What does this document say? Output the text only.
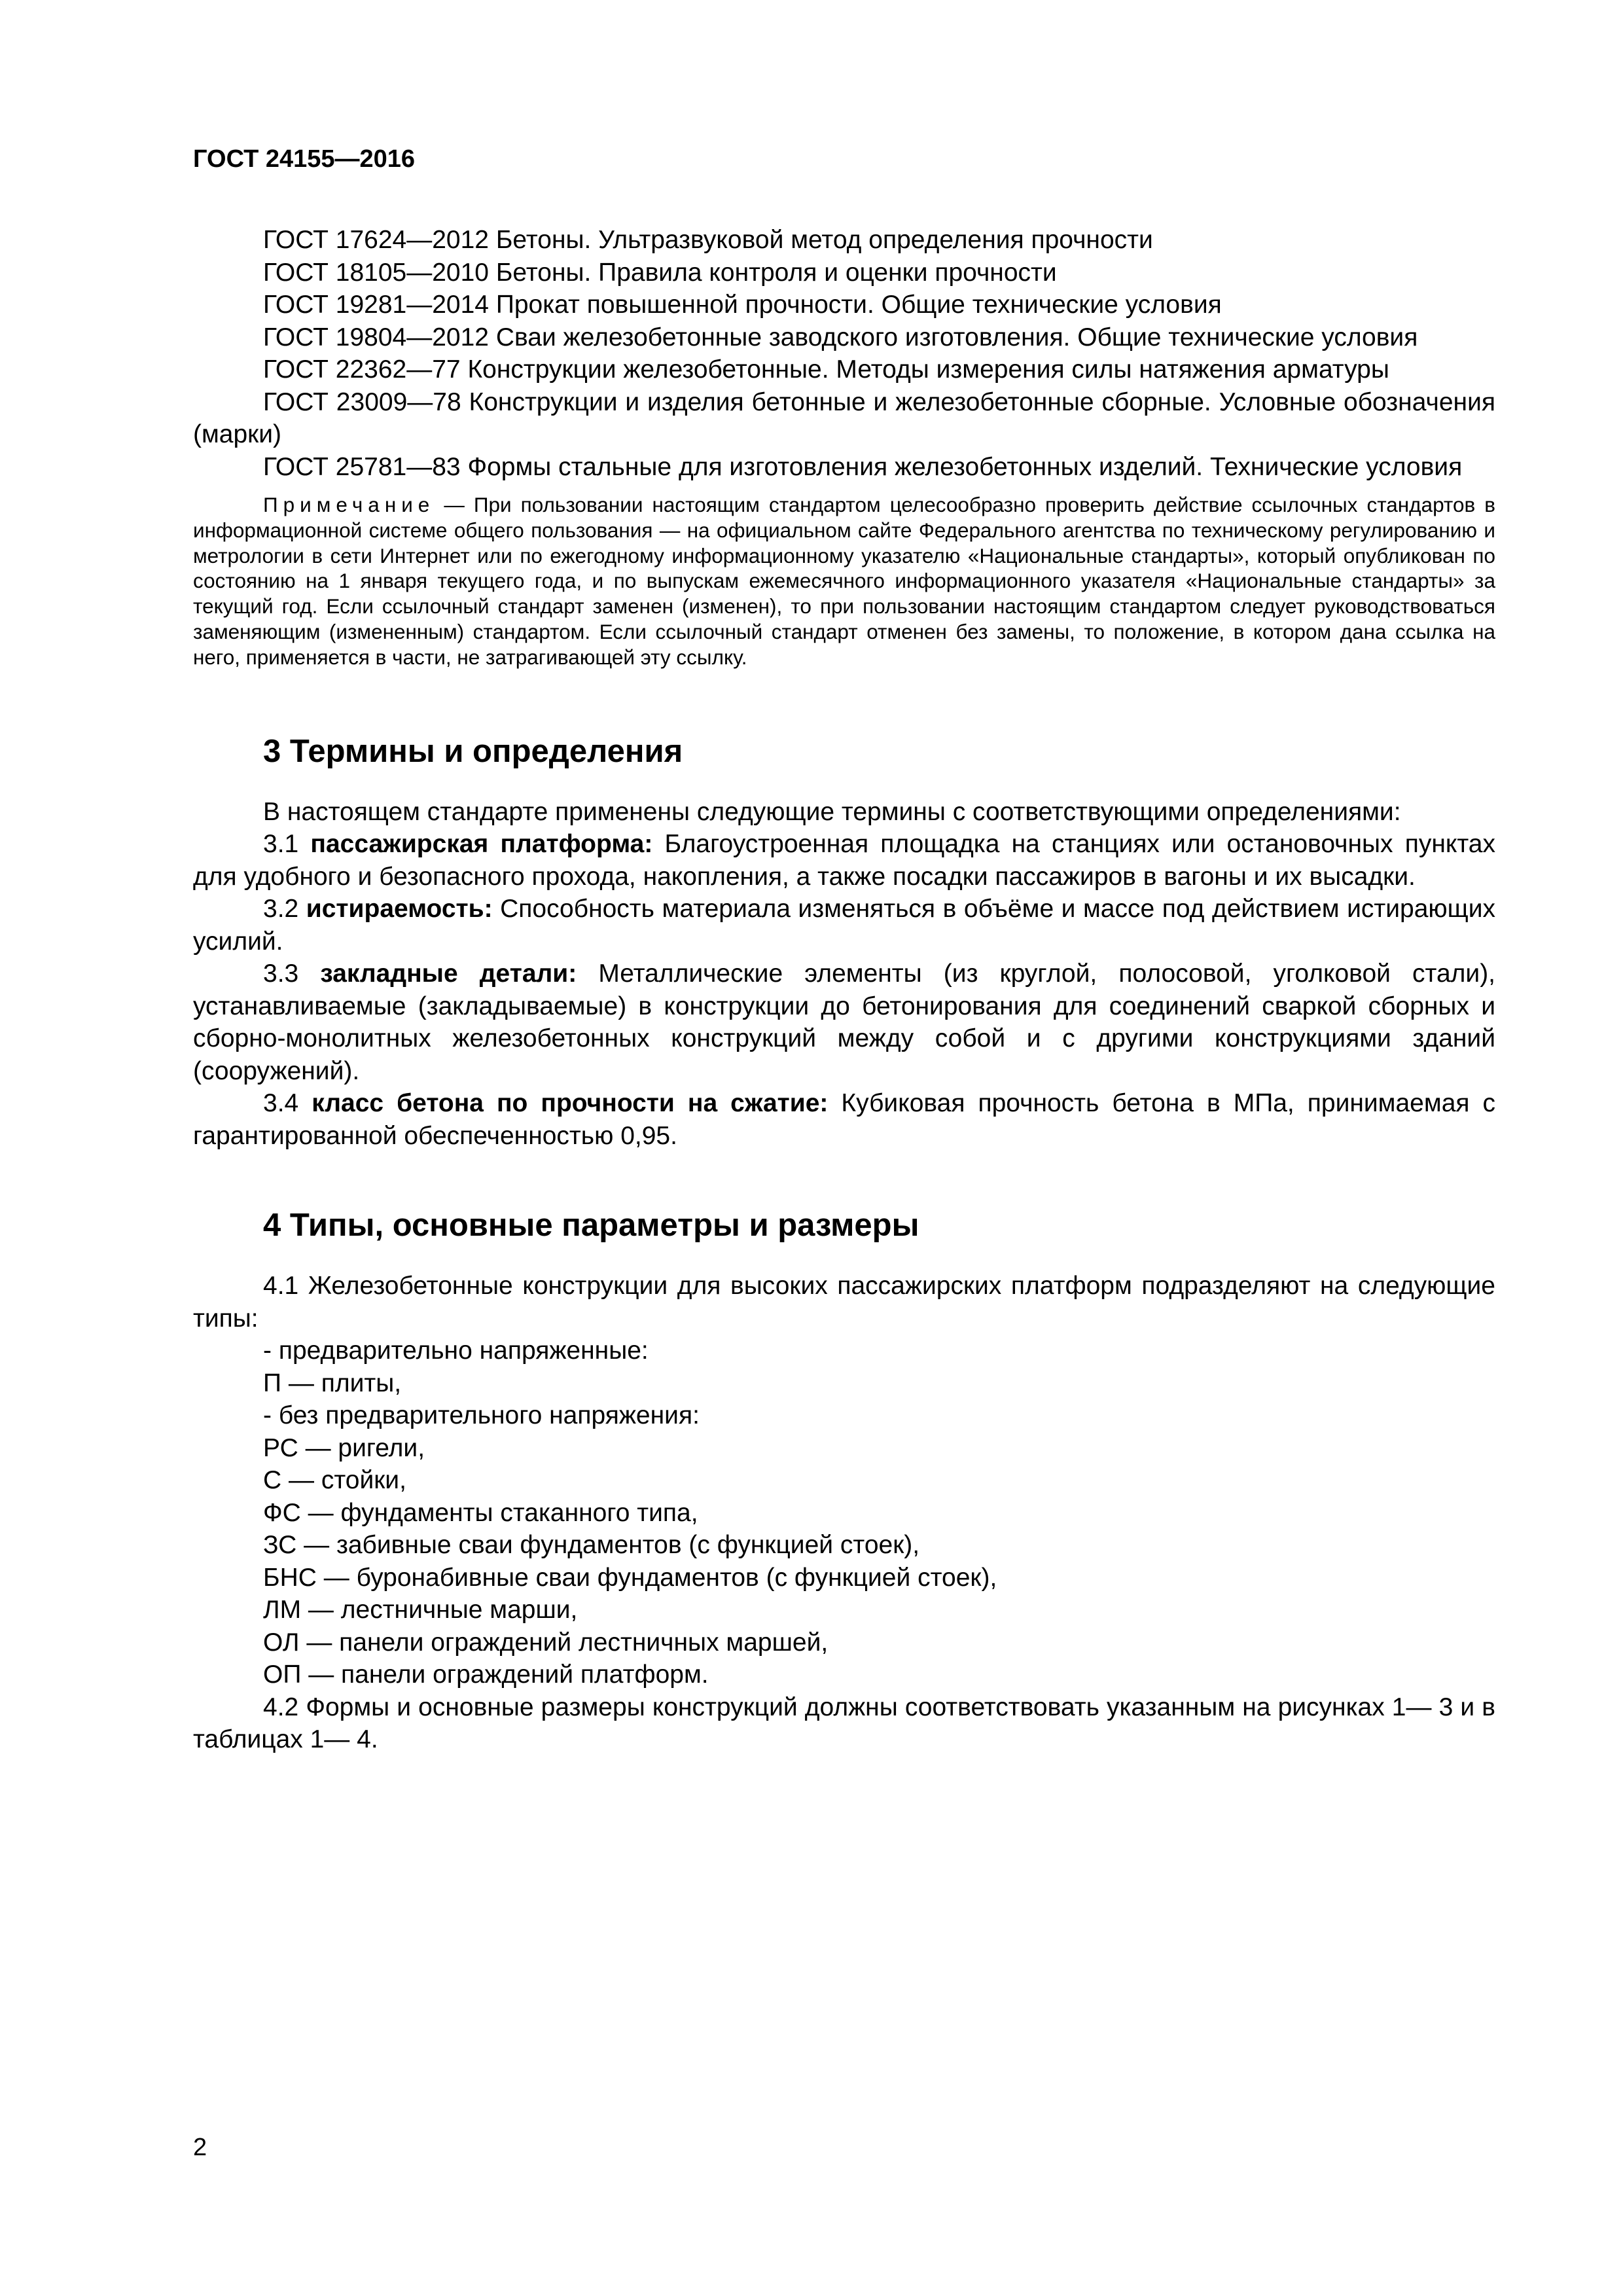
ГОСТ 24155—2016

ГОСТ 17624—2012 Бетоны. Ультразвуковой метод определения прочности

ГОСТ 18105—2010 Бетоны. Правила контроля и оценки прочности

ГОСТ 19281—2014 Прокат повышенной прочности. Общие технические условия

ГОСТ 19804—2012 Сваи железобетонные заводского изготовления. Общие технические условия

ГОСТ 22362—77 Конструкции железобетонные. Методы измерения силы натяжения арматуры

ГОСТ 23009—78 Конструкции и изделия бетонные и железобетонные сборные. Условные обозначения (марки)

ГОСТ 25781—83 Формы стальные для изготовления железобетонных изделий. Технические условия

Примечание — При пользовании настоящим стандартом целесообразно проверить действие ссылочных стандартов в информационной системе общего пользования — на официальном сайте Федерального агентства по техническому регулированию и метрологии в сети Интернет или по ежегодному информационному указателю «Национальные стандарты», который опубликован по состоянию на 1 января текущего года, и по выпускам ежемесячного информационного указателя «Национальные стандарты» за текущий год. Если ссылочный стандарт заменен (изменен), то при пользовании настоящим стандартом следует руководствоваться заменяющим (измененным) стандартом. Если ссылочный стандарт отменен без замены, то положение, в котором дана ссылка на него, применяется в части, не затрагивающей эту ссылку.

3 Термины и определения

В настоящем стандарте применены следующие термины с соответствующими определениями:

3.1 пассажирская платформа: Благоустроенная площадка на станциях или остановочных пунктах для удобного и безопасного прохода, накопления, а также посадки пассажиров в вагоны и их высадки.

3.2 истираемость: Способность материала изменяться в объёме и массе под действием истирающих усилий.

3.3 закладные детали: Металлические элементы (из круглой, полосовой, уголковой стали), устанавливаемые (закладываемые) в конструкции до бетонирования для соединений сваркой сборных и сборно-монолитных железобетонных конструкций между собой и с другими конструкциями зданий (сооружений).

3.4 класс бетона по прочности на сжатие: Кубиковая прочность бетона в МПа, принимаемая с гарантированной обеспеченностью 0,95.

4 Типы, основные параметры и размеры

4.1 Железобетонные конструкции для высоких пассажирских платформ подразделяют на следующие типы:

- предварительно напряженные:

П — плиты,

- без предварительного напряжения:

РС — ригели,

С — стойки,

ФС — фундаменты стаканного типа,

ЗС — забивные сваи фундаментов (с функцией стоек),

БНС — буронабивные сваи фундаментов (с функцией стоек),

ЛМ — лестничные марши,

ОЛ — панели ограждений лестничных маршей,

ОП — панели ограждений платформ.

4.2 Формы и основные размеры конструкций должны соответствовать указанным на рисунках 1— 3 и в таблицах 1— 4.

2
